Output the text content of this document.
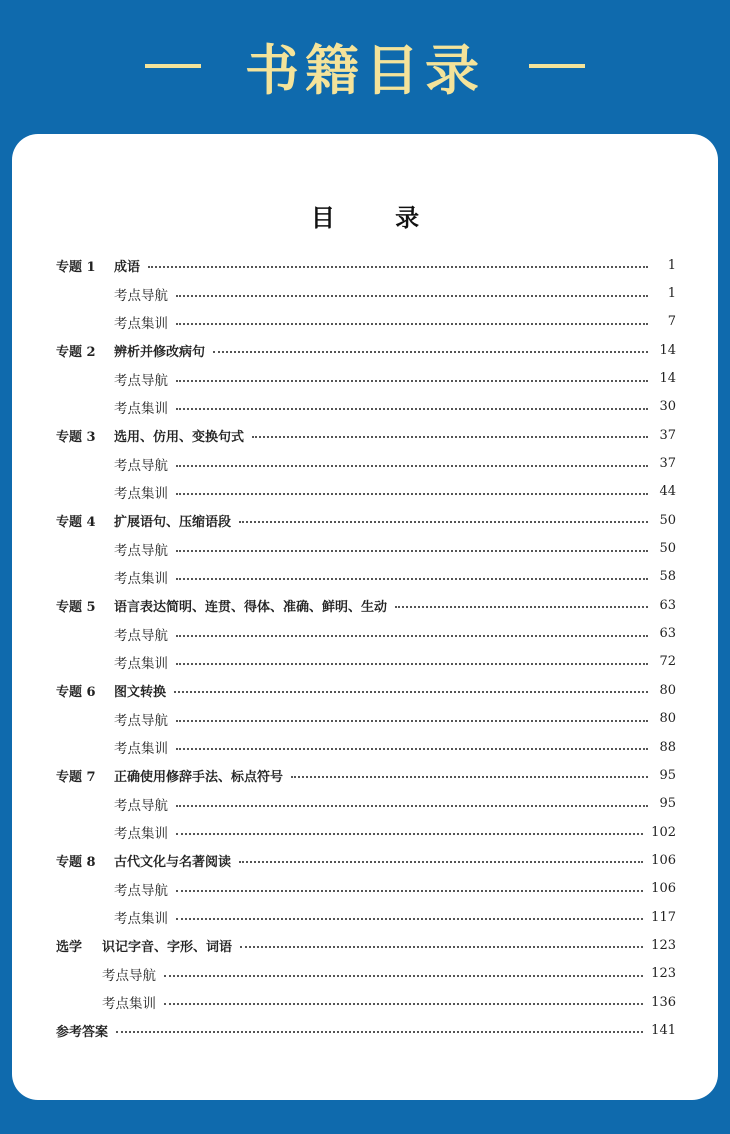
书籍目录
目 录
专题 1 成语	1
考点导航	1
考点集训	7
专题 2 辨析并修改病句	14
考点导航	14
考点集训	30
专题 3 选用、仿用、变换句式	37
考点导航	37
考点集训	44
专题 4 扩展语句、压缩语段	50
考点导航	50
考点集训	58
专题 5 语言表达简明、连贯、得体、准确、鲜明、生动	63
考点导航	63
考点集训	72
专题 6 图文转换	80
考点导航	80
考点集训	88
专题 7 正确使用修辞手法、标点符号	95
考点导航	95
考点集训	102
专题 8 古代文化与名著阅读	106
考点导航	106
考点集训	117
选学 识记字音、字形、词语	123
考点导航	123
考点集训	136
参考答案	141
